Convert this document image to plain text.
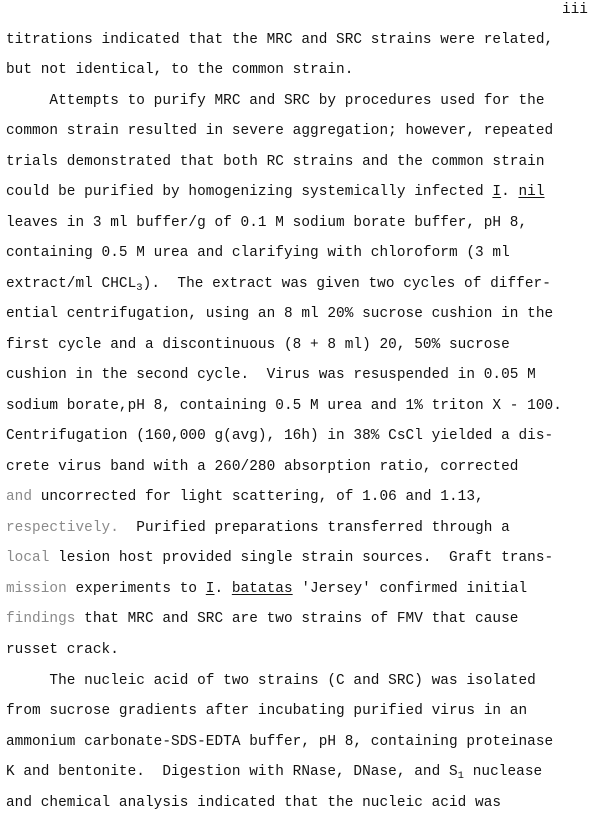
iii

titrations indicated that the MRC and SRC strains were related,

but not identical, to the common strain.

Attempts to purify MRC and SRC by procedures used for the

common strain resulted in severe aggregation; however, repeated

trials demonstrated that both RC strains and the common strain

could be purified by homogenizing systemically infected I. nil

leaves in 3 ml buffer/g of 0.1 M sodium borate buffer, pH 8,

containing 0.5 M urea and clarifying with chloroform (3 ml

extract/ml $CHCL_3$).  The extract was given two cycles of differ-

ential centrifugation, using an 8 ml 20% sucrose cushion in the

first cycle and a discontinuous (8 + 8 ml) 20, 50% sucrose

cushion in the second cycle.  Virus was resuspended in 0.05 M

sodium borate,pH 8, containing 0.5 M urea and 1% triton X - 100.

Centrifugation (160,000 g(avg), 16h) in 38% CsCl yielded a dis-

crete virus band with a 260/280 absorption ratio, corrected

and uncorrected for light scattering, of 1.06 and 1.13,

respectively.  Purified preparations transferred through a

local lesion host provided single strain sources.  Graft trans-

mission experiments to I. batatas 'Jersey' confirmed initial

findings that MRC and SRC are two strains of FMV that cause

russet crack.

The nucleic acid of two strains (C and SRC) was isolated

from sucrose gradients after incubating purified virus in an

ammonium carbonate-SDS-EDTA buffer, pH 8, containing proteinase

K and bentonite.  Digestion with RNase, DNase, and $S_1$ nuclease

and chemical analysis indicated that the nucleic acid was
